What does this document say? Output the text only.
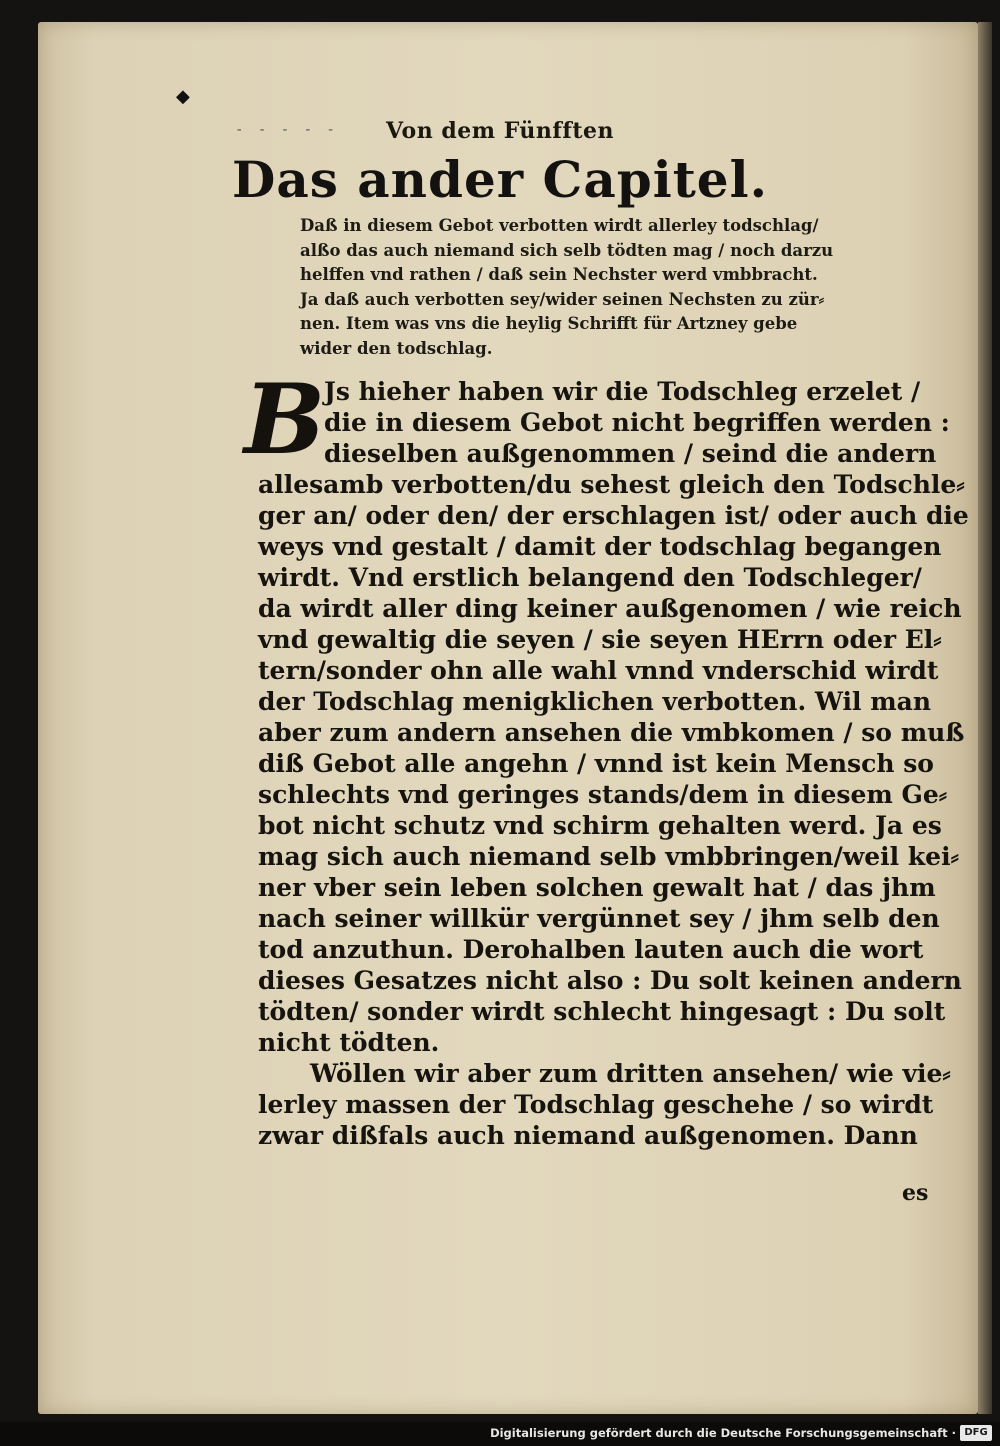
◆
‐ ‐ ‐ ‐ ‐	Von dem Fünfften
Das ander Capitel.
Daß in diesem Gebot verbotten wirdt allerley todschlag/
alßo das auch niemand sich selb tödten mag / noch darzu
helffen vnd rathen / daß sein Nechster werd vmbbracht.
Ja daß auch verbotten sey/wider seinen Nechsten zu zür⸗
nen. Item was vns die heylig Schrifft für Artzney gebe
wider den todschlag.
B
Js hieher haben wir die Todschleg erzelet /
die in diesem Gebot nicht begriffen werden :
dieselben außgenommen / seind die andern
allesamb verbotten/du sehest gleich den Todschle⸗
ger an/ oder den/ der erschlagen ist/ oder auch die
weys vnd gestalt / damit der todschlag begangen
wirdt. Vnd erstlich belangend den Todschleger/
da wirdt aller ding keiner außgenomen / wie reich
vnd gewaltig die seyen / sie seyen HErrn oder El⸗
tern/sonder ohn alle wahl vnnd vnderschid wirdt
der Todschlag menigklichen verbotten. Wil man
aber zum andern ansehen die vmbkomen / so muß
diß Gebot alle angehn / vnnd ist kein Mensch so
schlechts vnd geringes stands/dem in diesem Ge⸗
bot nicht schutz vnd schirm gehalten werd. Ja es
mag sich auch niemand selb vmbbringen/weil kei⸗
ner vber sein leben solchen gewalt hat / das jhm
nach seiner willkür vergünnet sey / jhm selb den
tod anzuthun. Derohalben lauten auch die wort
dieses Gesatzes nicht also : Du solt keinen andern
tödten/ sonder wirdt schlecht hingesagt : Du solt
nicht tödten.
Wöllen wir aber zum dritten ansehen/ wie vie⸗
lerley massen der Todschlag geschehe / so wirdt
zwar dißfals auch niemand außgenomen. Dann
es
Digitalisierung gefördert durch die Deutsche Forschungsgemeinschaft · DFG
